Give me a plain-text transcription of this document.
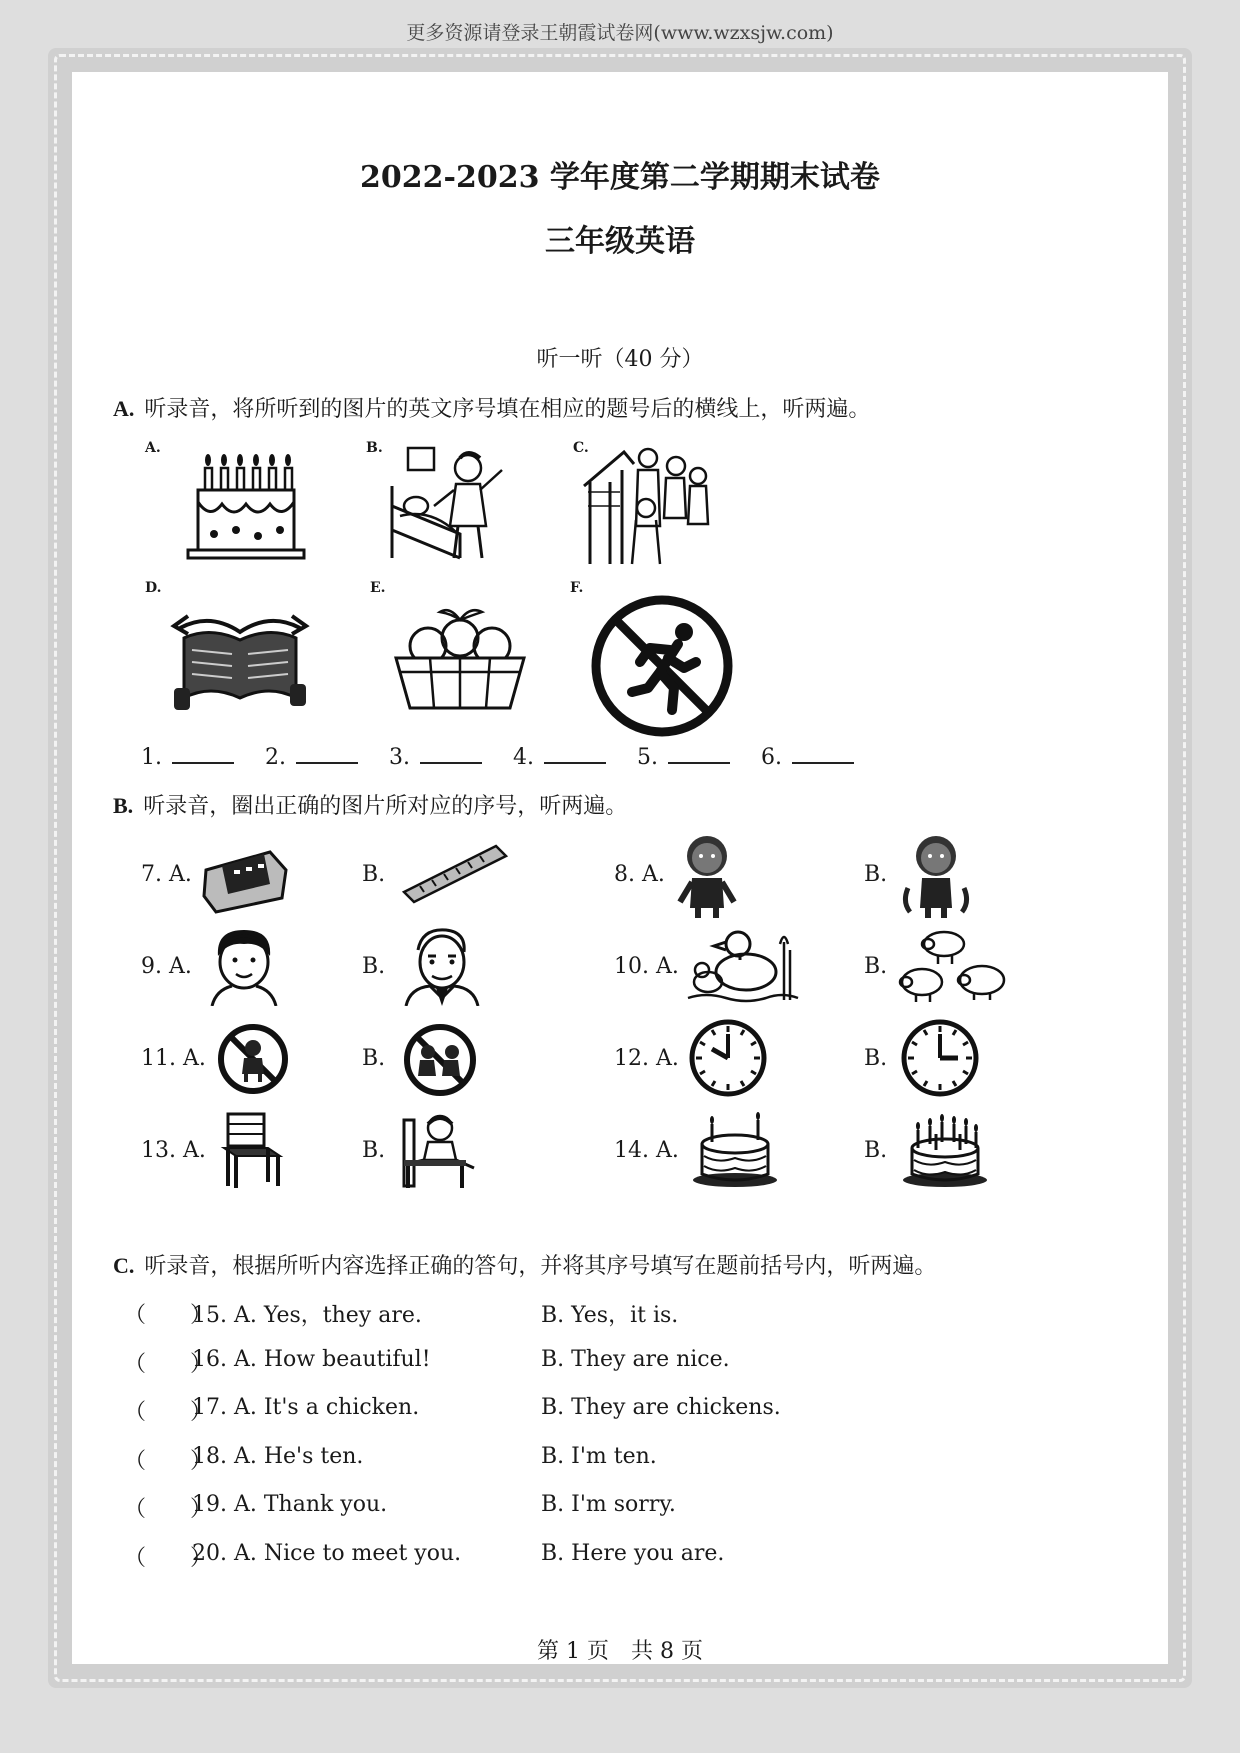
更多资源请登录王朝霞试卷网(www.wzxsjw.com)
2022-2023 学年度第二学期期末试卷
三年级英语
听一听（40 分）
A. 听录音，将所听到的图片的英文序号填在相应的题号后的横线上，听两遍。
A.	B.	C.
D.	E.	F.
1.	2.	3.	4.	5.	6.
B. 听录音，圈出正确的图片所对应的序号，听两遍。
7. A.	B.	8. A.	B.
9. A.	B.	10. A.	B.
11. A.	B.	12. A.	B.
13. A.	B.	14. A.	B.
C. 听录音，根据所听内容选择正确的答句，并将其序号填写在题前括号内，听两遍。
（　　）
15. A. Yes，they are.	B. Yes，it is.
（　　）
16. A. How beautiful!	B. They are nice.
（　　）
17. A. It's a chicken.	B. They are chickens.
（　　）
18. A. He's ten.	B. I'm ten.
（　　）
19. A. Thank you.	B. I'm sorry.
（　　）
20. A. Nice to meet you.	B. Here you are.
第 1 页　共 8 页
